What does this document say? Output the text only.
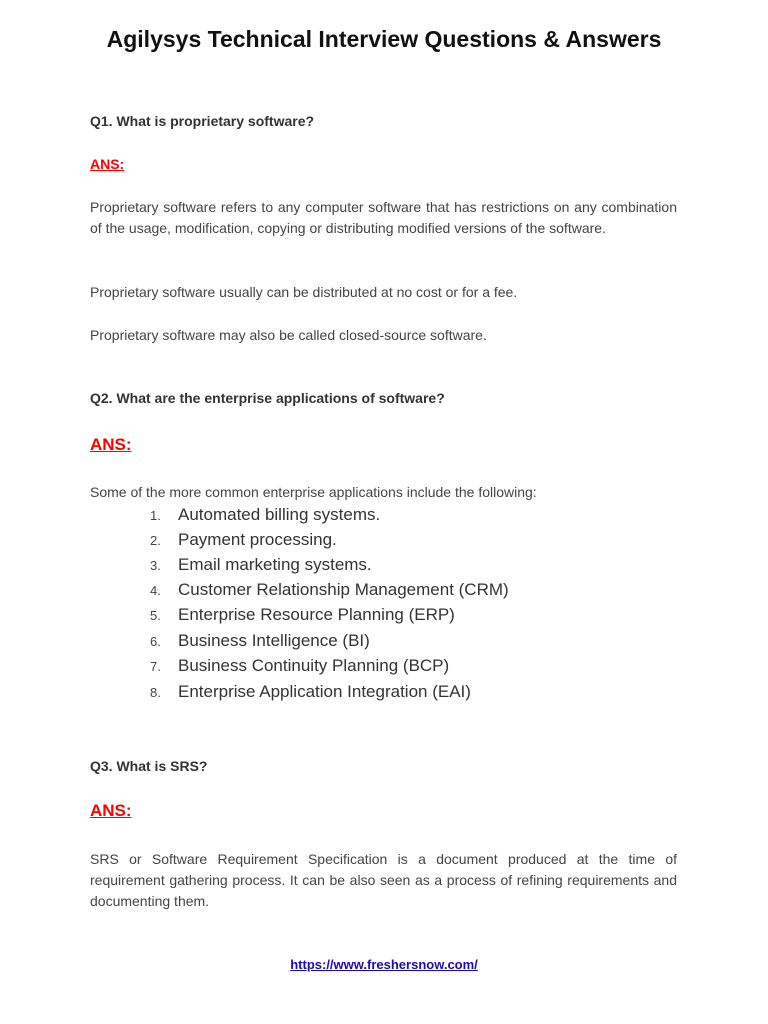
Agilysys Technical Interview Questions & Answers
Q1. What is proprietary software?
ANS:
Proprietary software refers to any computer software that has restrictions on any combination of the usage, modification, copying or distributing modified versions of the software.
Proprietary software usually can be distributed at no cost or for a fee.
Proprietary software may also be called closed-source software.
Q2. What are the enterprise applications of software?
ANS:
Some of the more common enterprise applications include the following:
1. Automated billing systems.
2. Payment processing.
3. Email marketing systems.
4. Customer Relationship Management (CRM)
5. Enterprise Resource Planning (ERP)
6. Business Intelligence (BI)
7. Business Continuity Planning (BCP)
8. Enterprise Application Integration (EAI)
Q3. What is SRS?
ANS:
SRS or Software Requirement Specification is a document produced at the time of requirement gathering process. It can be also seen as a process of refining requirements and documenting them.
https://www.freshersnow.com/
